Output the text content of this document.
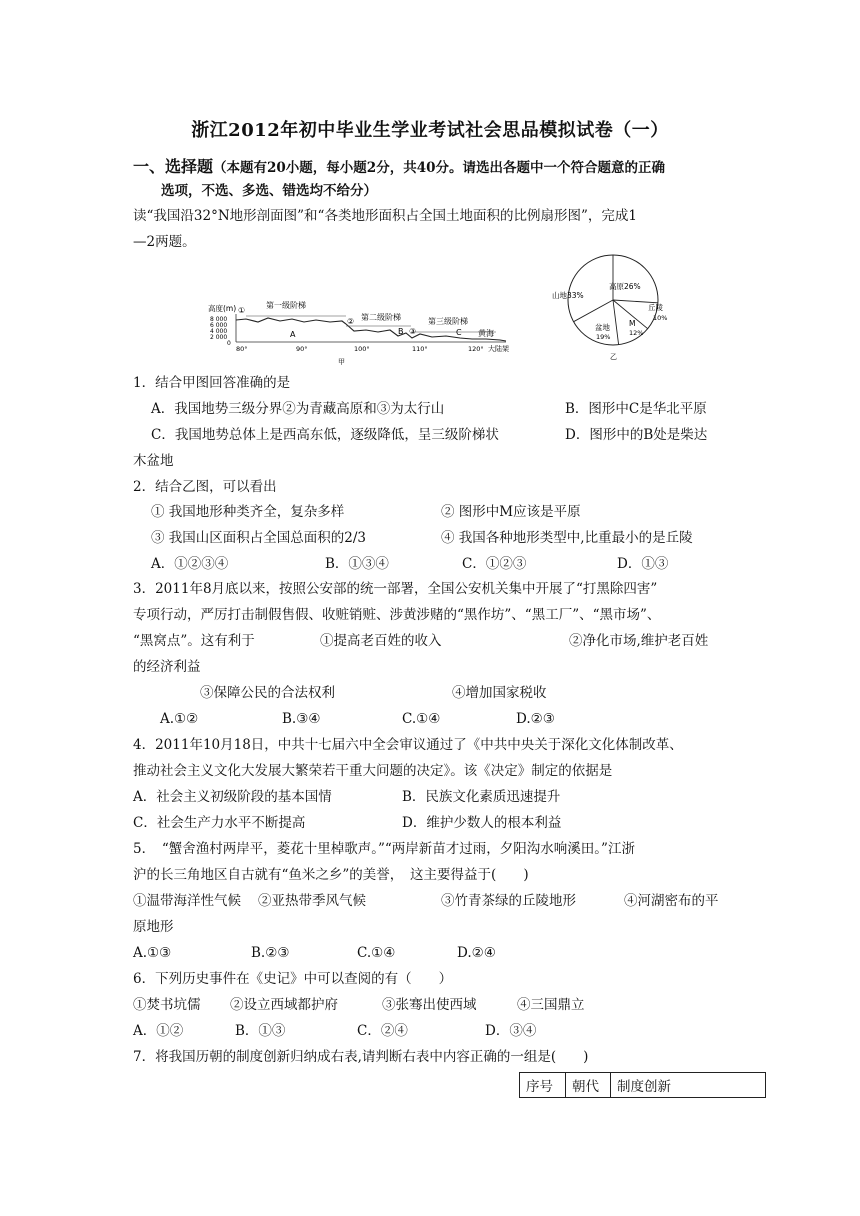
浙江2012年初中毕业生学业考试社会思品模拟试卷（一）
一、选择题（本题有20小题，每小题2分，共40分。请选出各题中一个符合题意的正确
选项，不选、多选、错选均不给分）
读“我国沿32°N地形剖面图”和“各类地形面积占全国土地面积的比例扇形图”，完成1
—2两题。
高度(m)
8 000
6 000
4 000
2 000
0
①
第一级阶梯
② 第二级阶梯
③
第三级阶梯
A	B	C 黄海
80°	90°	100°	110°	120° 大陆架
甲
高原26%
丘陵
10%
M
12%
盆地
19%
山地33%
乙
1．结合甲图回答准确的是
A．我国地势三级分界②为青藏高原和③为太行山	B．图形中C是华北平原
C．我国地势总体上是西高东低，逐级降低，呈三级阶梯状	D．图形中的B处是柴达
木盆地
2．结合乙图，可以看出
① 我国地形种类齐全，复杂多样	② 图形中M应该是平原
③ 我国山区面积占全国总面积的2/3	④ 我国各种地形类型中,比重最小的是丘陵
A．①②③④	B．①③④	C．①②③	D．①③
3．2011年8月底以来，按照公安部的统一部署，全国公安机关集中开展了“打黑除四害”
专项行动，严厉打击制假售假、收赃销赃、涉黄涉赌的“黑作坊”、“黑工厂”、“黑市场”、
“黑窝点”。这有利于	①提高老百姓的收入	②净化市场,维护老百姓
的经济利益
③保障公民的合法权利	④增加国家税收
A.①②	B.③④	C.①④	D.②③
4．2011年10月18日，中共十七届六中全会审议通过了《中共中央关于深化文化体制改革、
推动社会主义文化大发展大繁荣若干重大问题的决定》。该《决定》制定的依据是
A．社会主义初级阶段的基本国情	B．民族文化素质迅速提升
C．社会生产力水平不断提高	D．维护少数人的根本利益
5．　“蟹舍渔村两岸平，菱花十里棹歌声。”“两岸新苗才过雨，夕阳沟水响溪田。”江浙
沪的长三角地区自古就有“鱼米之乡”的美誉，　这主要得益于(　　)
①温带海洋性气候 ②亚热带季风气候	③竹青茶绿的丘陵地形	④河湖密布的平
原地形
A.①③	B.②③	C.①④	D.②④
6．下列历史事件在《史记》中可以查阅的有（　　）
①焚书坑儒 ②设立西域都护府	③张骞出使西域	④三国鼎立
A．①②	B．①③	C．②④	D．③④
7．将我国历朝的制度创新归纳成右表,请判断右表中内容正确的一组是(　　)
序号	朝代	制度创新
